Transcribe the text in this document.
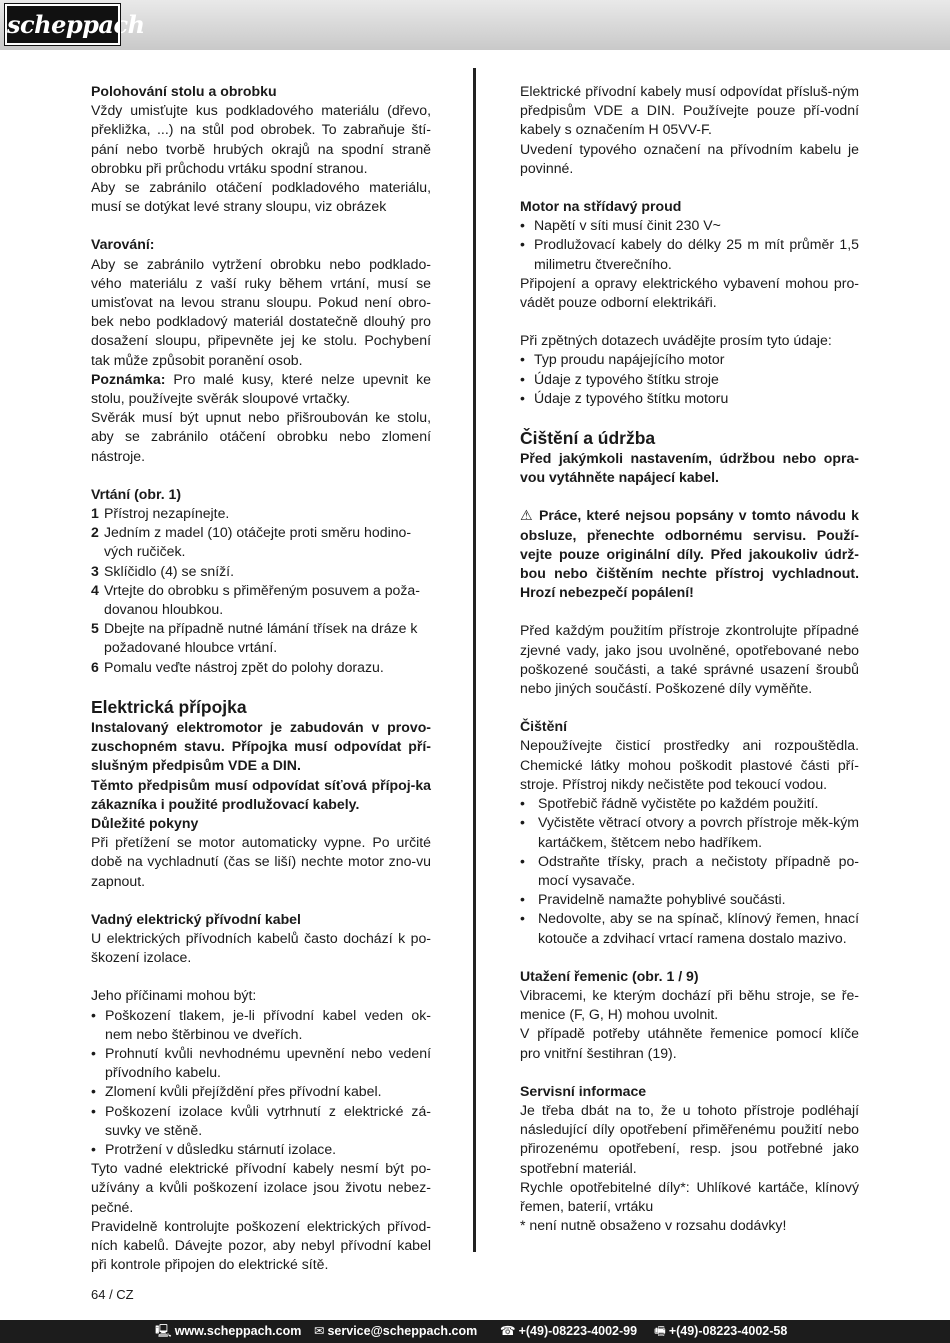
scheppach

Polohování stolu a obrobku

Vždy umisťujte kus podkladového materiálu (dřevo, překližka, ...) na stůl pod obrobek. To zabraňuje ští-pání nebo tvorbě hrubých okrajů na spodní straně obrobku při průchodu vrtáku spodní stranou.

Aby se zabránilo otáčení podkladového materiálu, musí se dotýkat levé strany sloupu, viz obrázek

Varování:

Aby se zabránilo vytržení obrobku nebo podklado-vého materiálu z vaší ruky během vrtání, musí se umisťovat na levou stranu sloupu. Pokud není obro-bek nebo podkladový materiál dostatečně dlouhý pro dosažení sloupu, připevněte jej ke stolu. Pochybení tak může způsobit poranění osob.

Poznámka: Pro malé kusy, které nelze upevnit ke stolu, používejte svěrák sloupové vrtačky.

Svěrák musí být upnut nebo přišroubován ke stolu, aby se zabránilo otáčení obrobku nebo zlomení nástroje.

Vrtání (obr. 1)

1 Přístroj nezapínejte.
2 Jedním z madel (10) otáčejte proti směru hodino-vých ručiček.
3 Sklíčidlo (4) se sníží.
4 Vrtejte do obrobku s přiměřeným posuvem a poža-dovanou hloubkou.
5 Dbejte na případně nutné lámání třísek na dráze k požadované hloubce vrtání.
6 Pomalu veďte nástroj zpět do polohy dorazu.

Elektrická přípojka

Instalovaný elektromotor je zabudován v provo-zuschopném stavu. Přípojka musí odpovídat pří-slušným předpisům VDE a DIN.

Těmto předpisům musí odpovídat síťová přípoj-ka zákazníka i použité prodlužovací kabely.

Důležité pokyny

Při přetížení se motor automaticky vypne. Po určité době na vychladnutí (čas se liší) nechte motor zno-vu zapnout.

Vadný elektrický přívodní kabel

U elektrických přívodních kabelů často dochází k po-škození izolace.

Jeho příčinami mohou být:

• Poškození tlakem, je-li přívodní kabel veden ok-nem nebo štěrbinou ve dveřích.
• Prohnutí kvůli nevhodnému upevnění nebo vedení přívodního kabelu.
• Zlomení kvůli přejíždění přes přívodní kabel.
• Poškození izolace kvůli vytrhnutí z elektrické zá-suvky ve stěně.
• Protržení v důsledku stárnutí izolace.

Tyto vadné elektrické přívodní kabely nesmí být po-užívány a kvůli poškození izolace jsou životu nebez-pečné.

Pravidelně kontrolujte poškození elektrických přívod-ních kabelů. Dávejte pozor, aby nebyl přívodní kabel při kontrole připojen do elektrické sítě.

Elektrické přívodní kabely musí odpovídat přísluš-ným předpisům VDE a DIN. Používejte pouze pří-vodní kabely s označením H 05VV-F.

Uvedení typového označení na přívodním kabelu je povinné.

Motor na střídavý proud

• Napětí v síti musí činit 230 V~
• Prodlužovací kabely do délky 25 m mít průměr 1,5 milimetru čtverečního.

Připojení a opravy elektrického vybavení mohou pro-vádět pouze odborní elektrikáři.

Při zpětných dotazech uvádějte prosím tyto údaje:

• Typ proudu napájejícího motor
• Údaje z typového štítku stroje
• Údaje z typového štítku motoru

Čištění a údržba

Před jakýmkoli nastavením, údržbou nebo opra-vou vytáhněte napájecí kabel.

⚠ Práce, které nejsou popsány v tomto návodu k obsluze, přenechte odbornému servisu. Použí-vejte pouze originální díly. Před jakoukoliv údrž-bou nebo čištěním nechte přístroj vychladnout. Hrozí nebezpečí popálení!

Před každým použitím přístroje zkontrolujte případné zjevné vady, jako jsou uvolněné, opotřebované nebo poškozené součásti, a také správné usazení šroubů nebo jiných součástí. Poškozené díly vyměňte.

Čištění

Nepoužívejte čisticí prostředky ani rozpouštědla. Chemické látky mohou poškodit plastové části pří-stroje. Přístroj nikdy nečistěte pod tekoucí vodou.

• Spotřebič řádně vyčistěte po každém použití.
• Vyčistěte větrací otvory a povrch přístroje měk-kým kartáčkem, štětcem nebo hadříkem.
• Odstraňte třísky, prach a nečistoty případně po-mocí vysavače.
• Pravidelně namažte pohyblivé součásti.
• Nedovolte, aby se na spínač, klínový řemen, hnací kotouče a zdvihací vrtací ramena dostalo mazivo.

Utažení řemenic (obr. 1 / 9)

Vibracemi, ke kterým dochází při běhu stroje, se ře-menice (F, G, H) mohou uvolnit.

V případě potřeby utáhněte řemenice pomocí klíče pro vnitřní šestihran (19).

Servisní informace

Je třeba dbát na to, že u tohoto přístroje podléhají následující díly opotřebení přiměřenému použití nebo přirozenému opotřebení, resp. jsou potřebné jako spotřební materiál.

Rychle opotřebitelné díly*: Uhlíkové kartáče, klínový řemen, baterií, vrtáku

* není nutně obsaženo v rozsahu dodávky!

64 / CZ
🖳 www.scheppach.com ✉ service@scheppach.com ☎ +(49)-08223-4002-99 🖷 +(49)-08223-4002-58
